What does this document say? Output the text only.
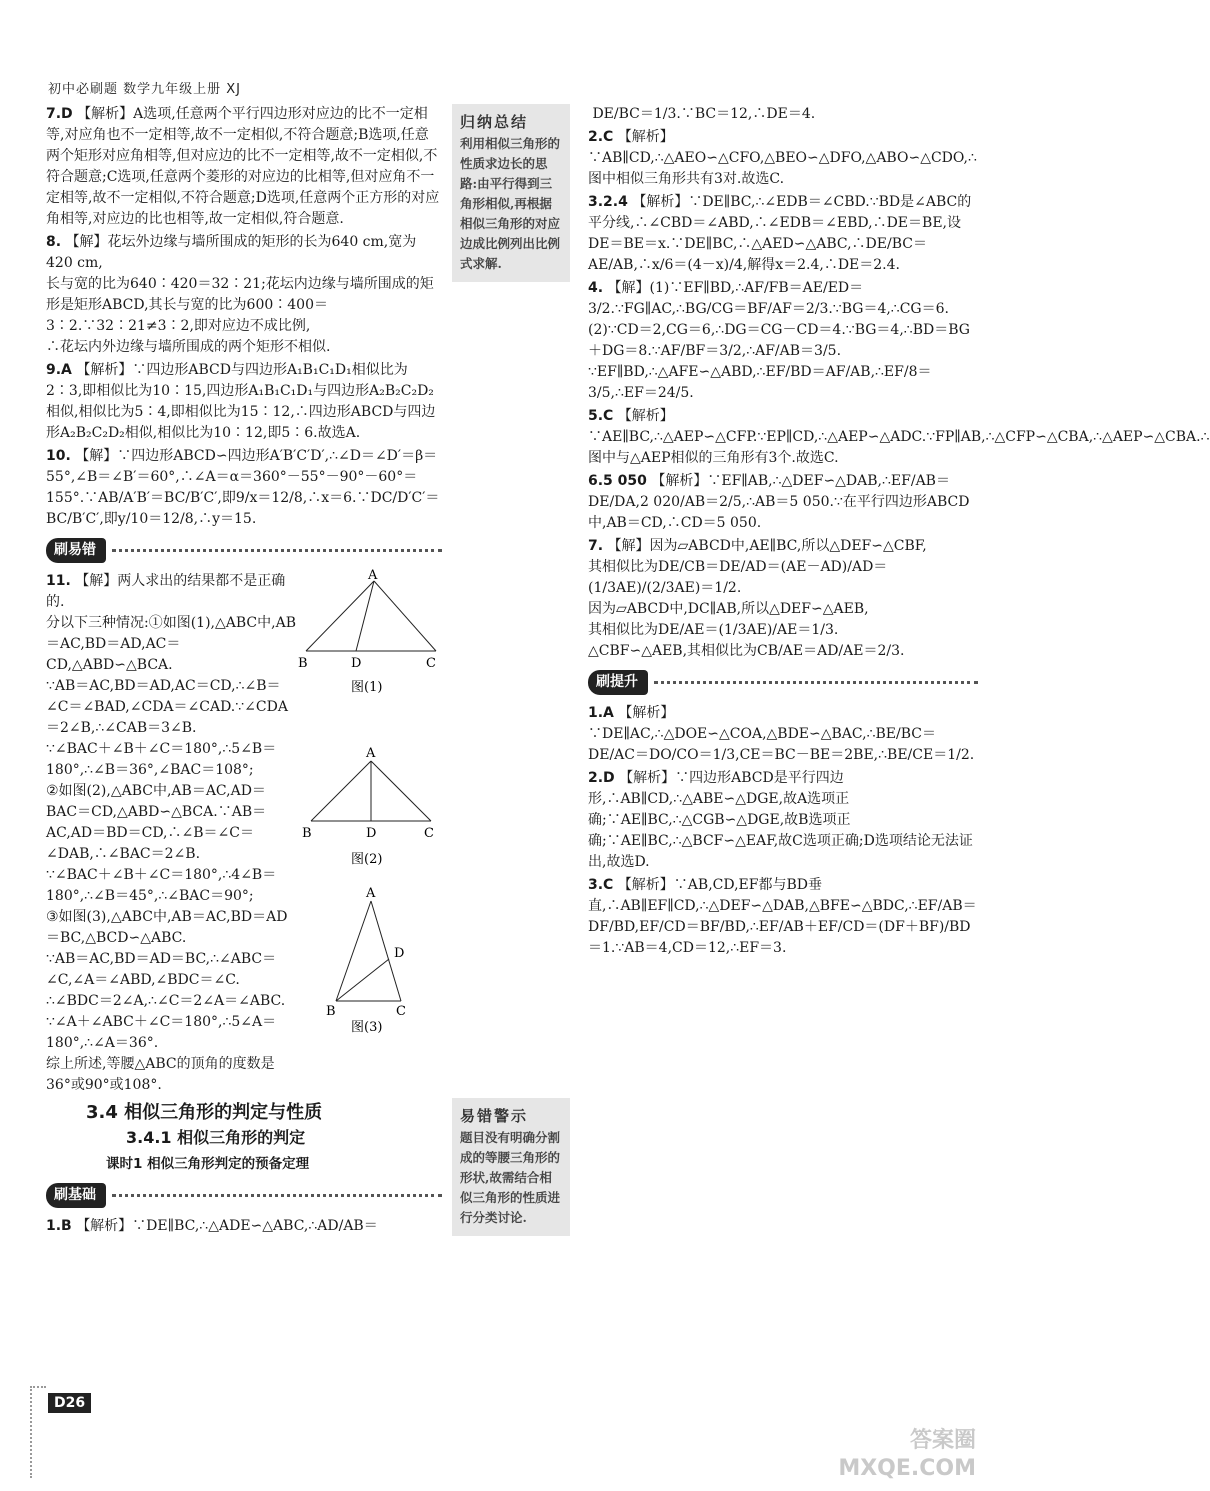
初中必刷题 数学九年级上册 XJ

7.D 【解析】A选项,任意两个平行四边形对应边的比不一定相等,对应角也不一定相等,故不一定相似,不符合题意;B选项,任意两个矩形对应角相等,但对应边的比不一定相等,故不一定相似,不符合题意;C选项,任意两个菱形的对应边的比相等,但对应角不一定相等,故不一定相似,不符合题意;D选项,任意两个正方形的对应角相等,对应边的比也相等,故一定相似,符合题意.

8. 【解】花坛外边缘与墙所围成的矩形的长为640 cm,宽为420 cm,
长与宽的比为640∶420＝32∶21;花坛内边缘与墙所围成的矩形是矩形ABCD,其长与宽的比为600∶400＝3∶2.∵32∶21≠3∶2,即对应边不成比例,
∴花坛内外边缘与墙所围成的两个矩形不相似.

9.A 【解析】∵四边形ABCD与四边形A₁B₁C₁D₁相似比为2∶3,即相似比为10∶15,四边形A₁B₁C₁D₁与四边形A₂B₂C₂D₂相似,相似比为5∶4,即相似比为15∶12,∴四边形ABCD与四边形A₂B₂C₂D₂相似,相似比为10∶12,即5∶6.故选A.

10. 【解】∵四边形ABCD∽四边形A′B′C′D′,∴∠D＝∠D′＝β＝55°,∠B＝∠B′＝60°,∴∠A＝α＝360°－55°－90°－60°＝155°.∵AB/A′B′＝BC/B′C′,即9/x＝12/8,∴x＝6.∵DC/D′C′＝BC/B′C′,即y/10＝12/8,∴y＝15.

刷易错

11. 【解】两人求出的结果都不是正确的.
分以下三种情况:①如图(1),△ABC中,AB＝AC,BD＝AD,AC＝CD,△ABD∽△BCA.
∵AB＝AC,BD＝AD,AC＝CD,∴∠B＝∠C＝∠BAD,∠CDA＝∠CAD.∵∠CDA＝2∠B,∴∠CAB＝3∠B.
∵∠BAC＋∠B＋∠C＝180°,∴5∠B＝180°,∴∠B＝36°,∠BAC＝108°;
②如图(2),△ABC中,AB＝AC,AD＝BAC＝CD,△ABD∽△BCA.∵AB＝AC,AD＝BD＝CD,∴∠B＝∠C＝∠DAB,∴∠BAC＝2∠B.
∵∠BAC＋∠B＋∠C＝180°,∴4∠B＝180°,∴∠B＝45°,∴∠BAC＝90°;
③如图(3),△ABC中,AB＝AC,BD＝AD＝BC,△BCD∽△ABC.
∵AB＝AC,BD＝AD＝BC,∴∠ABC＝∠C,∠A＝∠ABD,∠BDC＝∠C.
∴∠BDC＝2∠A,∴∠C＝2∠A＝∠ABC.
∵∠A＋∠ABC＋∠C＝180°,∴5∠A＝180°,∴∠A＝36°.
综上所述,等腰△ABC的顶角的度数是36°或90°或108°.

A
B	D	C
图(1)
A
B	D	C
图(2)
A
B
D
C
图(3)
3.4 相似三角形的判定与性质
3.4.1 相似三角形的判定
课时1 相似三角形判定的预备定理
刷基础

1.B 【解析】∵DE∥BC,∴△ADE∽△ABC,∴AD/AB＝

归纳总结
利用相似三角形的性质求边长的思路:由平行得到三角形相似,再根据相似三角形的对应边成比例列出比例式求解.
易错警示
题目没有明确分割成的等腰三角形的形状,故需结合相似三角形的性质进行分类讨论.

DE/BC＝1/3.∵BC＝12,∴DE＝4.

2.C 【解析】∵AB∥CD,∴△AEO∽△CFO,△BEO∽△DFO,△ABO∽△CDO,∴图中相似三角形共有3对.故选C.

3.2.4 【解析】∵DE∥BC,∴∠EDB＝∠CBD.∵BD是∠ABC的平分线,∴∠CBD＝∠ABD,∴∠EDB＝∠EBD,∴DE＝BE,设DE＝BE＝x.∵DE∥BC,∴△AED∽△ABC,∴DE/BC＝AE/AB,∴x/6＝(4－x)/4,解得x＝2.4,∴DE＝2.4.

4. 【解】(1)∵EF∥BD,∴AF/FB＝AE/ED＝3/2.∵FG∥AC,∴BG/CG＝BF/AF＝2/3.∵BG＝4,∴CG＝6.
(2)∵CD＝2,CG＝6,∴DG＝CG－CD＝4.∵BG＝4,∴BD＝BG＋DG＝8.∵AF/BF＝3/2,∴AF/AB＝3/5.
∵EF∥BD,∴△AFE∽△ABD,∴EF/BD＝AF/AB,∴EF/8＝3/5,∴EF＝24/5.

5.C 【解析】∵AE∥BC,∴△AEP∽△CFP.∵EP∥CD,∴△AEP∽△ADC.∵FP∥AB,∴△CFP∽△CBA,∴△AEP∽△CBA.∴图中与△AEP相似的三角形有3个.故选C.

6.5 050 【解析】∵EF∥AB,∴△DEF∽△DAB,∴EF/AB＝DE/DA,2 020/AB＝2/5,∴AB＝5 050.∵在平行四边形ABCD中,AB＝CD,∴CD＝5 050.

7. 【解】因为▱ABCD中,AE∥BC,所以△DEF∽△CBF,
其相似比为DE/CB＝DE/AD＝(AE－AD)/AD＝(1/3AE)/(2/3AE)＝1/2.
因为▱ABCD中,DC∥AB,所以△DEF∽△AEB,
其相似比为DE/AE＝(1/3AE)/AE＝1/3.
△CBF∽△AEB,其相似比为CB/AE＝AD/AE＝2/3.

刷提升

1.A 【解析】∵DE∥AC,∴△DOE∽△COA,△BDE∽△BAC,∴BE/BC＝DE/AC＝DO/CO＝1/3,CE＝BC－BE＝2BE,∴BE/CE＝1/2.

2.D 【解析】∵四边形ABCD是平行四边形,∴AB∥CD,∴△ABE∽△DGE,故A选项正确;∵AE∥BC,∴△CGB∽△DGE,故B选项正确;∵AE∥BC,∴△BCF∽△EAF,故C选项正确;D选项结论无法证出,故选D.

3.C 【解析】∵AB,CD,EF都与BD垂直,∴AB∥EF∥CD,∴△DEF∽△DAB,△BFE∽△BDC,∴EF/AB＝DF/BD,EF/CD＝BF/BD,∴EF/AB＋EF/CD＝(DF＋BF)/BD＝1.∵AB＝4,CD＝12,∴EF＝3.

D26
答案圈
MXQE.COM
